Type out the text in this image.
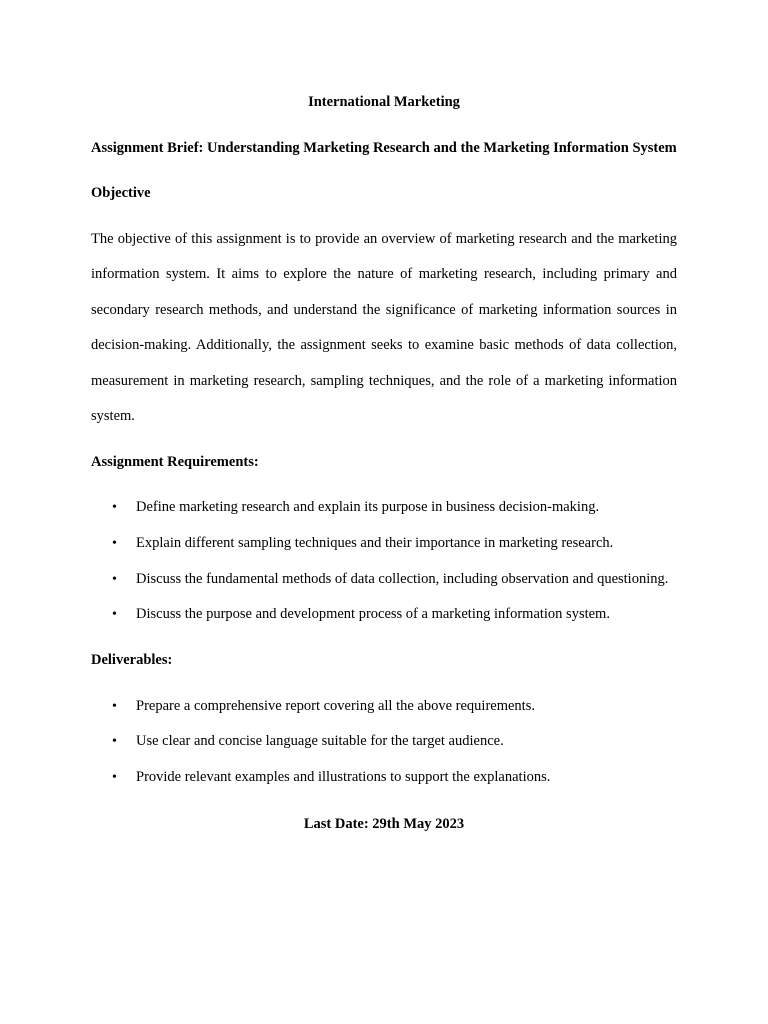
International Marketing

Assignment Brief: Understanding Marketing Research and the Marketing Information System

Objective

The objective of this assignment is to provide an overview of marketing research and the marketing information system. It aims to explore the nature of marketing research, including primary and secondary research methods, and understand the significance of marketing information sources in decision-making. Additionally, the assignment seeks to examine basic methods of data collection, measurement in marketing research, sampling techniques, and the role of a marketing information system.

Assignment Requirements:

• Define marketing research and explain its purpose in business decision-making.
• Explain different sampling techniques and their importance in marketing research.
• Discuss the fundamental methods of data collection, including observation and questioning.
• Discuss the purpose and development process of a marketing information system.

Deliverables:

• Prepare a comprehensive report covering all the above requirements.
• Use clear and concise language suitable for the target audience.
• Provide relevant examples and illustrations to support the explanations.

Last Date: 29th May 2023
